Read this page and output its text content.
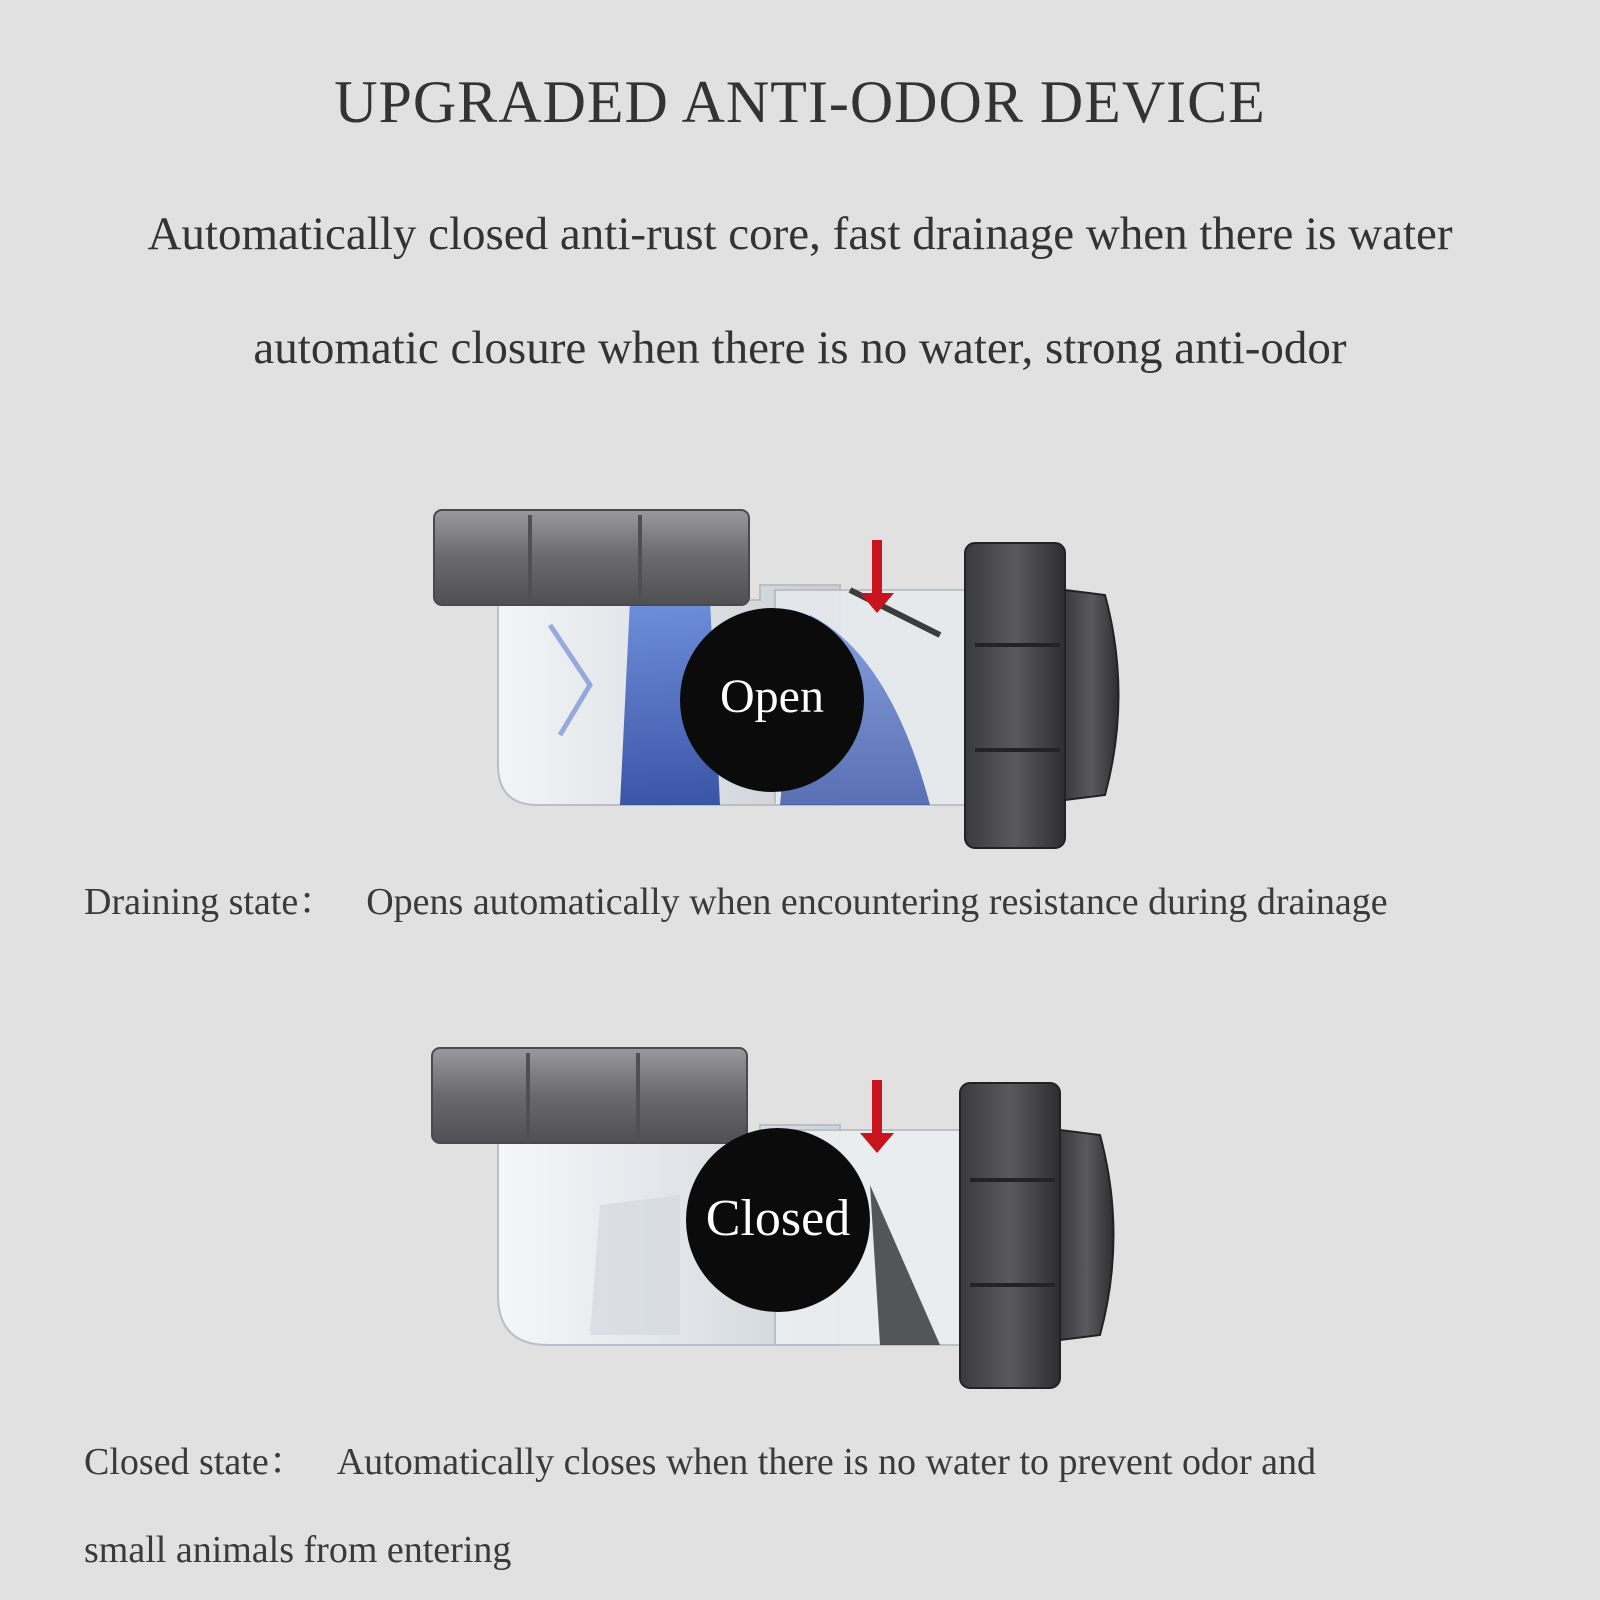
UPGRADED ANTI-ODOR DEVICE
Automatically closed anti-rust core, fast drainage when there is water
automatic closure when there is no water, strong anti-odor
Open
Draining state： Opens automatically when encountering resistance during drainage
Closed
Closed state： Automatically closes when there is no water to prevent odor and
small animals from entering
